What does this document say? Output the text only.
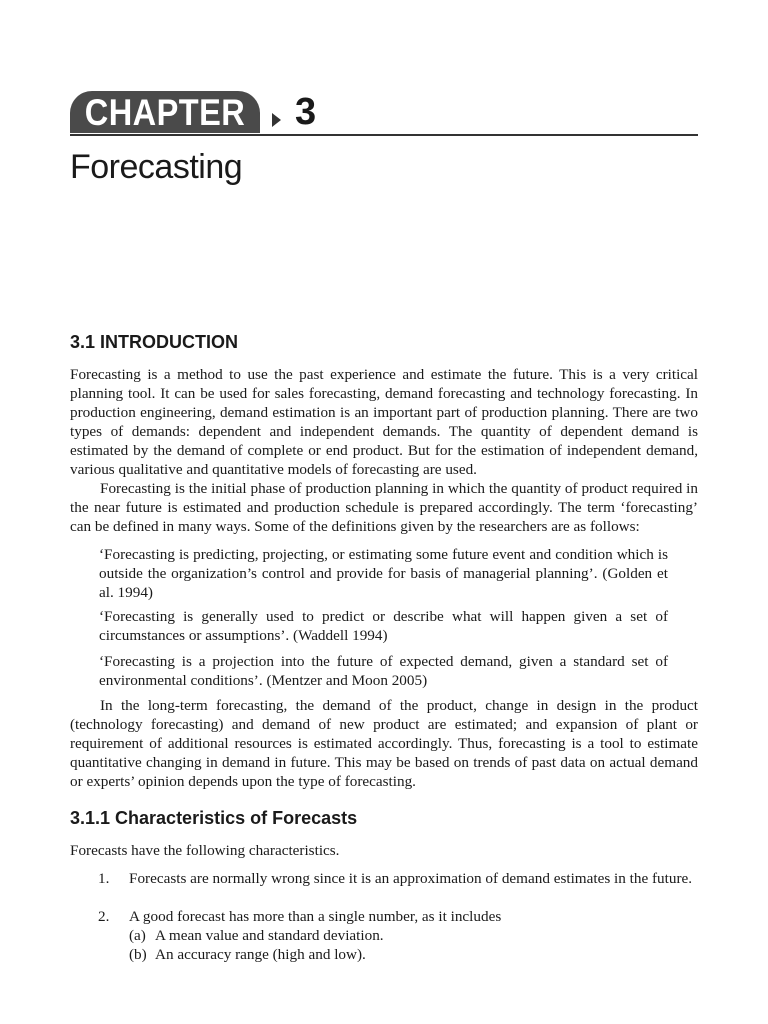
CHAPTER 3
Forecasting
3.1 INTRODUCTION

Forecasting is a method to use the past experience and estimate the future. This is a very critical planning tool. It can be used for sales forecasting, demand forecasting and technology forecasting. In production engineering, demand estimation is an important part of production planning. There are two types of demands: dependent and independent demands. The quantity of dependent demand is estimated by the demand of complete or end product. But for the estimation of independent demand, various qualitative and quantitative models of forecasting are used.

Forecasting is the initial phase of production planning in which the quantity of product required in the near future is estimated and production schedule is prepared accordingly. The term ‘forecasting’ can be defined in many ways. Some of the definitions given by the researchers are as follows:

‘Forecasting is predicting, projecting, or estimating some future event and condition which is outside the organization’s control and provide for basis of managerial planning’. (Golden et al. 1994)

‘Forecasting is generally used to predict or describe what will happen given a set of circumstances or assumptions’. (Waddell 1994)

‘Forecasting is a projection into the future of expected demand, given a standard set of environmental conditions’. (Mentzer and Moon 2005)

In the long-term forecasting, the demand of the product, change in design in the product (technology forecasting) and demand of new product are estimated; and expansion of plant or requirement of additional resources is estimated accordingly. Thus, forecasting is a tool to estimate quantitative changing in demand in future. This may be based on trends of past data on actual demand or experts’ opinion depends upon the type of forecasting.

3.1.1 Characteristics of Forecasts

Forecasts have the following characteristics.

1. Forecasts are normally wrong since it is an approximation of demand estimates in the future.
2. A good forecast has more than a single number, as it includes
(a) A mean value and standard deviation.
(b) An accuracy range (high and low).
